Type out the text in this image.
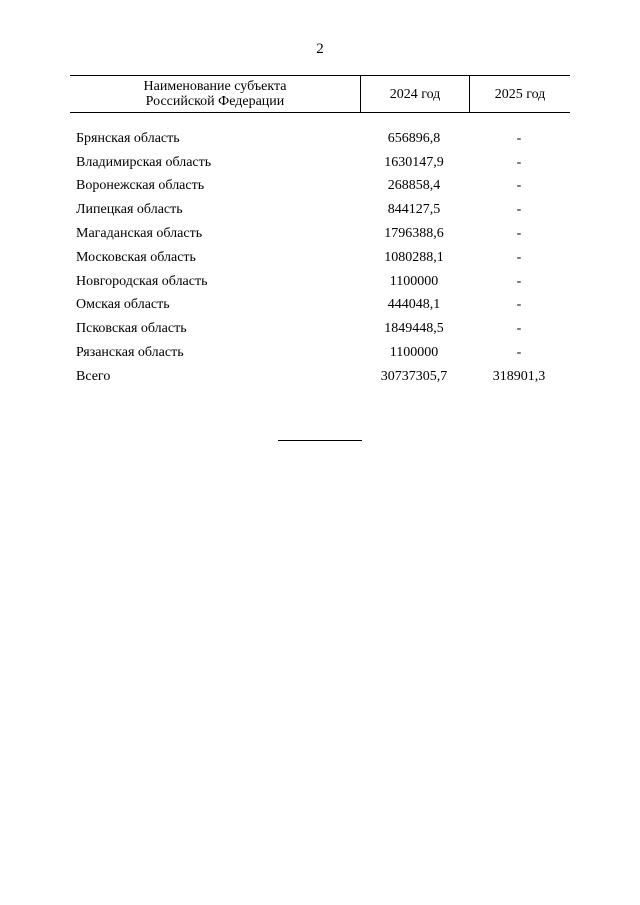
2
Наименование субъекта
Российской Федерации	2024 год	2025 год
Брянская область	656896,8	-
Владимирская область	1630147,9	-
Воронежская область	268858,4	-
Липецкая область	844127,5	-
Магаданская область	1796388,6	-
Московская область	1080288,1	-
Новгородская область	1100000	-
Омская область	444048,1	-
Псковская область	1849448,5	-
Рязанская область	1100000	-
Всего	30737305,7	318901,3
